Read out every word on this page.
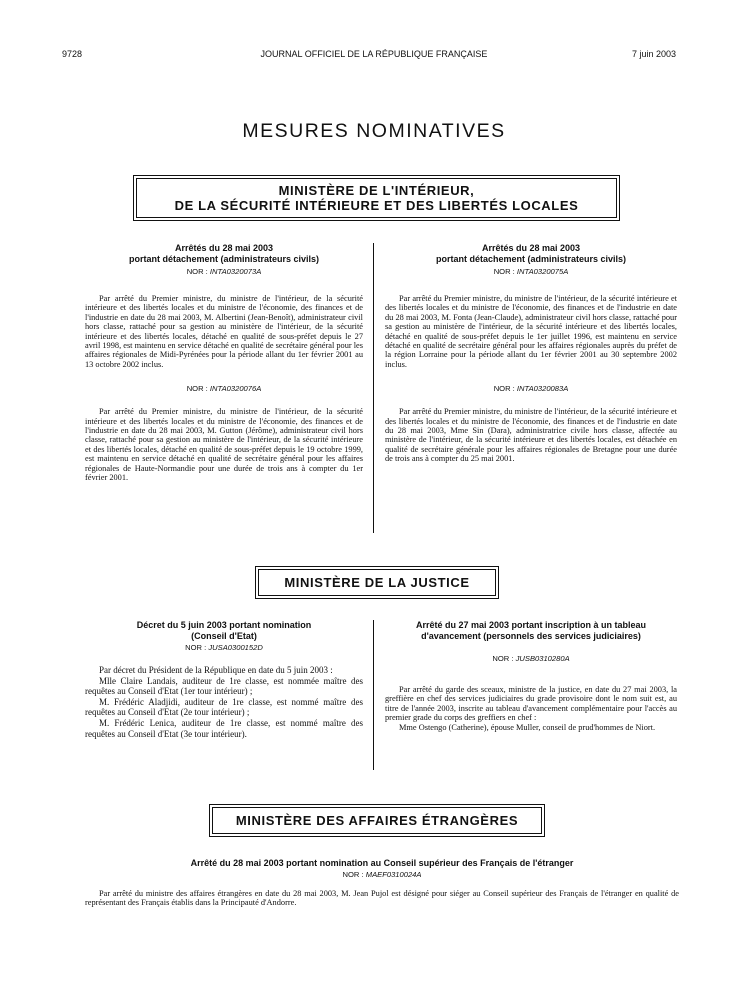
9728	JOURNAL OFFICIEL DE LA RÉPUBLIQUE FRANÇAISE	7 juin 2003
MESURES NOMINATIVES
MINISTÈRE DE L'INTÉRIEUR,
DE LA SÉCURITÉ INTÉRIEURE ET DES LIBERTÉS LOCALES
Arrêtés du 28 mai 2003
portant détachement (administrateurs civils)
NOR : INTA0320073A

Par arrêté du Premier ministre, du ministre de l'intérieur, de la sécurité intérieure et des libertés locales et du ministre de l'économie, des finances et de l'industrie en date du 28 mai 2003, M. Albertini (Jean-Benoît), administrateur civil hors classe, rattaché pour sa gestion au ministère de l'intérieur, de la sécurité intérieure et des libertés locales, détaché en qualité de sous-préfet depuis le 27 avril 1998, est maintenu en service détaché en qualité de secrétaire général pour les affaires régionales de Midi-Pyrénées pour la période allant du 1er février 2001 au 13 octobre 2002 inclus.

NOR : INTA0320076A

Par arrêté du Premier ministre, du ministre de l'intérieur, de la sécurité intérieure et des libertés locales et du ministre de l'économie, des finances et de l'industrie en date du 28 mai 2003, M. Gutton (Jérôme), administrateur civil hors classe, rattaché pour sa gestion au ministère de l'intérieur, de la sécurité intérieure et des libertés locales, détaché en qualité de sous-préfet depuis le 19 octobre 1999, est maintenu en service détaché en qualité de secrétaire général pour les affaires régionales de Haute-Normandie pour une durée de trois ans à compter du 1er février 2001.

Arrêtés du 28 mai 2003
portant détachement (administrateurs civils)
NOR : INTA0320075A

Par arrêté du Premier ministre, du ministre de l'intérieur, de la sécurité intérieure et des libertés locales et du ministre de l'économie, des finances et de l'industrie en date du 28 mai 2003, M. Fonta (Jean-Claude), administrateur civil hors classe, rattaché pour sa gestion au ministère de l'intérieur, de la sécurité intérieure et des libertés locales, détaché en qualité de sous-préfet depuis le 1er juillet 1996, est maintenu en service détaché en qualité de secrétaire général pour les affaires régionales auprès du préfet de la région Lorraine pour la période allant du 1er février 2001 au 30 septembre 2002 inclus.

NOR : INTA0320083A

Par arrêté du Premier ministre, du ministre de l'intérieur, de la sécurité intérieure et des libertés locales et du ministre de l'économie, des finances et de l'industrie en date du 28 mai 2003, Mme Sin (Dara), administratrice civile hors classe, affectée au ministère de l'intérieur, de la sécurité intérieure et des libertés locales, est détachée en qualité de secrétaire générale pour les affaires régionales de Bretagne pour une durée de trois ans à compter du 25 mai 2001.

MINISTÈRE DE LA JUSTICE
Décret du 5 juin 2003 portant nomination
(Conseil d'Etat)
NOR : JUSA0300152D

Par décret du Président de la République en date du 5 juin 2003 :

Mlle Claire Landais, auditeur de 1re classe, est nommée maître des requêtes au Conseil d'Etat (1er tour intérieur) ;

M. Frédéric Aladjidi, auditeur de 1re classe, est nommé maître des requêtes au Conseil d'Etat (2e tour intérieur) ;

M. Frédéric Lenica, auditeur de 1re classe, est nommé maître des requêtes au Conseil d'Etat (3e tour intérieur).

Arrêté du 27 mai 2003 portant inscription à un tableau
d'avancement (personnels des services judiciaires)
NOR : JUSB0310280A

Par arrêté du garde des sceaux, ministre de la justice, en date du 27 mai 2003, la greffière en chef des services judiciaires du grade provisoire dont le nom suit est, au titre de l'année 2003, inscrite au tableau d'avancement complémentaire pour l'accès au premier grade du corps des greffiers en chef :

Mme Ostengo (Catherine), épouse Muller, conseil de prud'hommes de Niort.

MINISTÈRE DES AFFAIRES ÉTRANGÈRES
Arrêté du 28 mai 2003 portant nomination au Conseil supérieur des Français de l'étranger
NOR : MAEF0310024A

Par arrêté du ministre des affaires étrangères en date du 28 mai 2003, M. Jean Pujol est désigné pour siéger au Conseil supérieur des Français de l'étranger en qualité de représentant des Français établis dans la Principauté d'Andorre.
